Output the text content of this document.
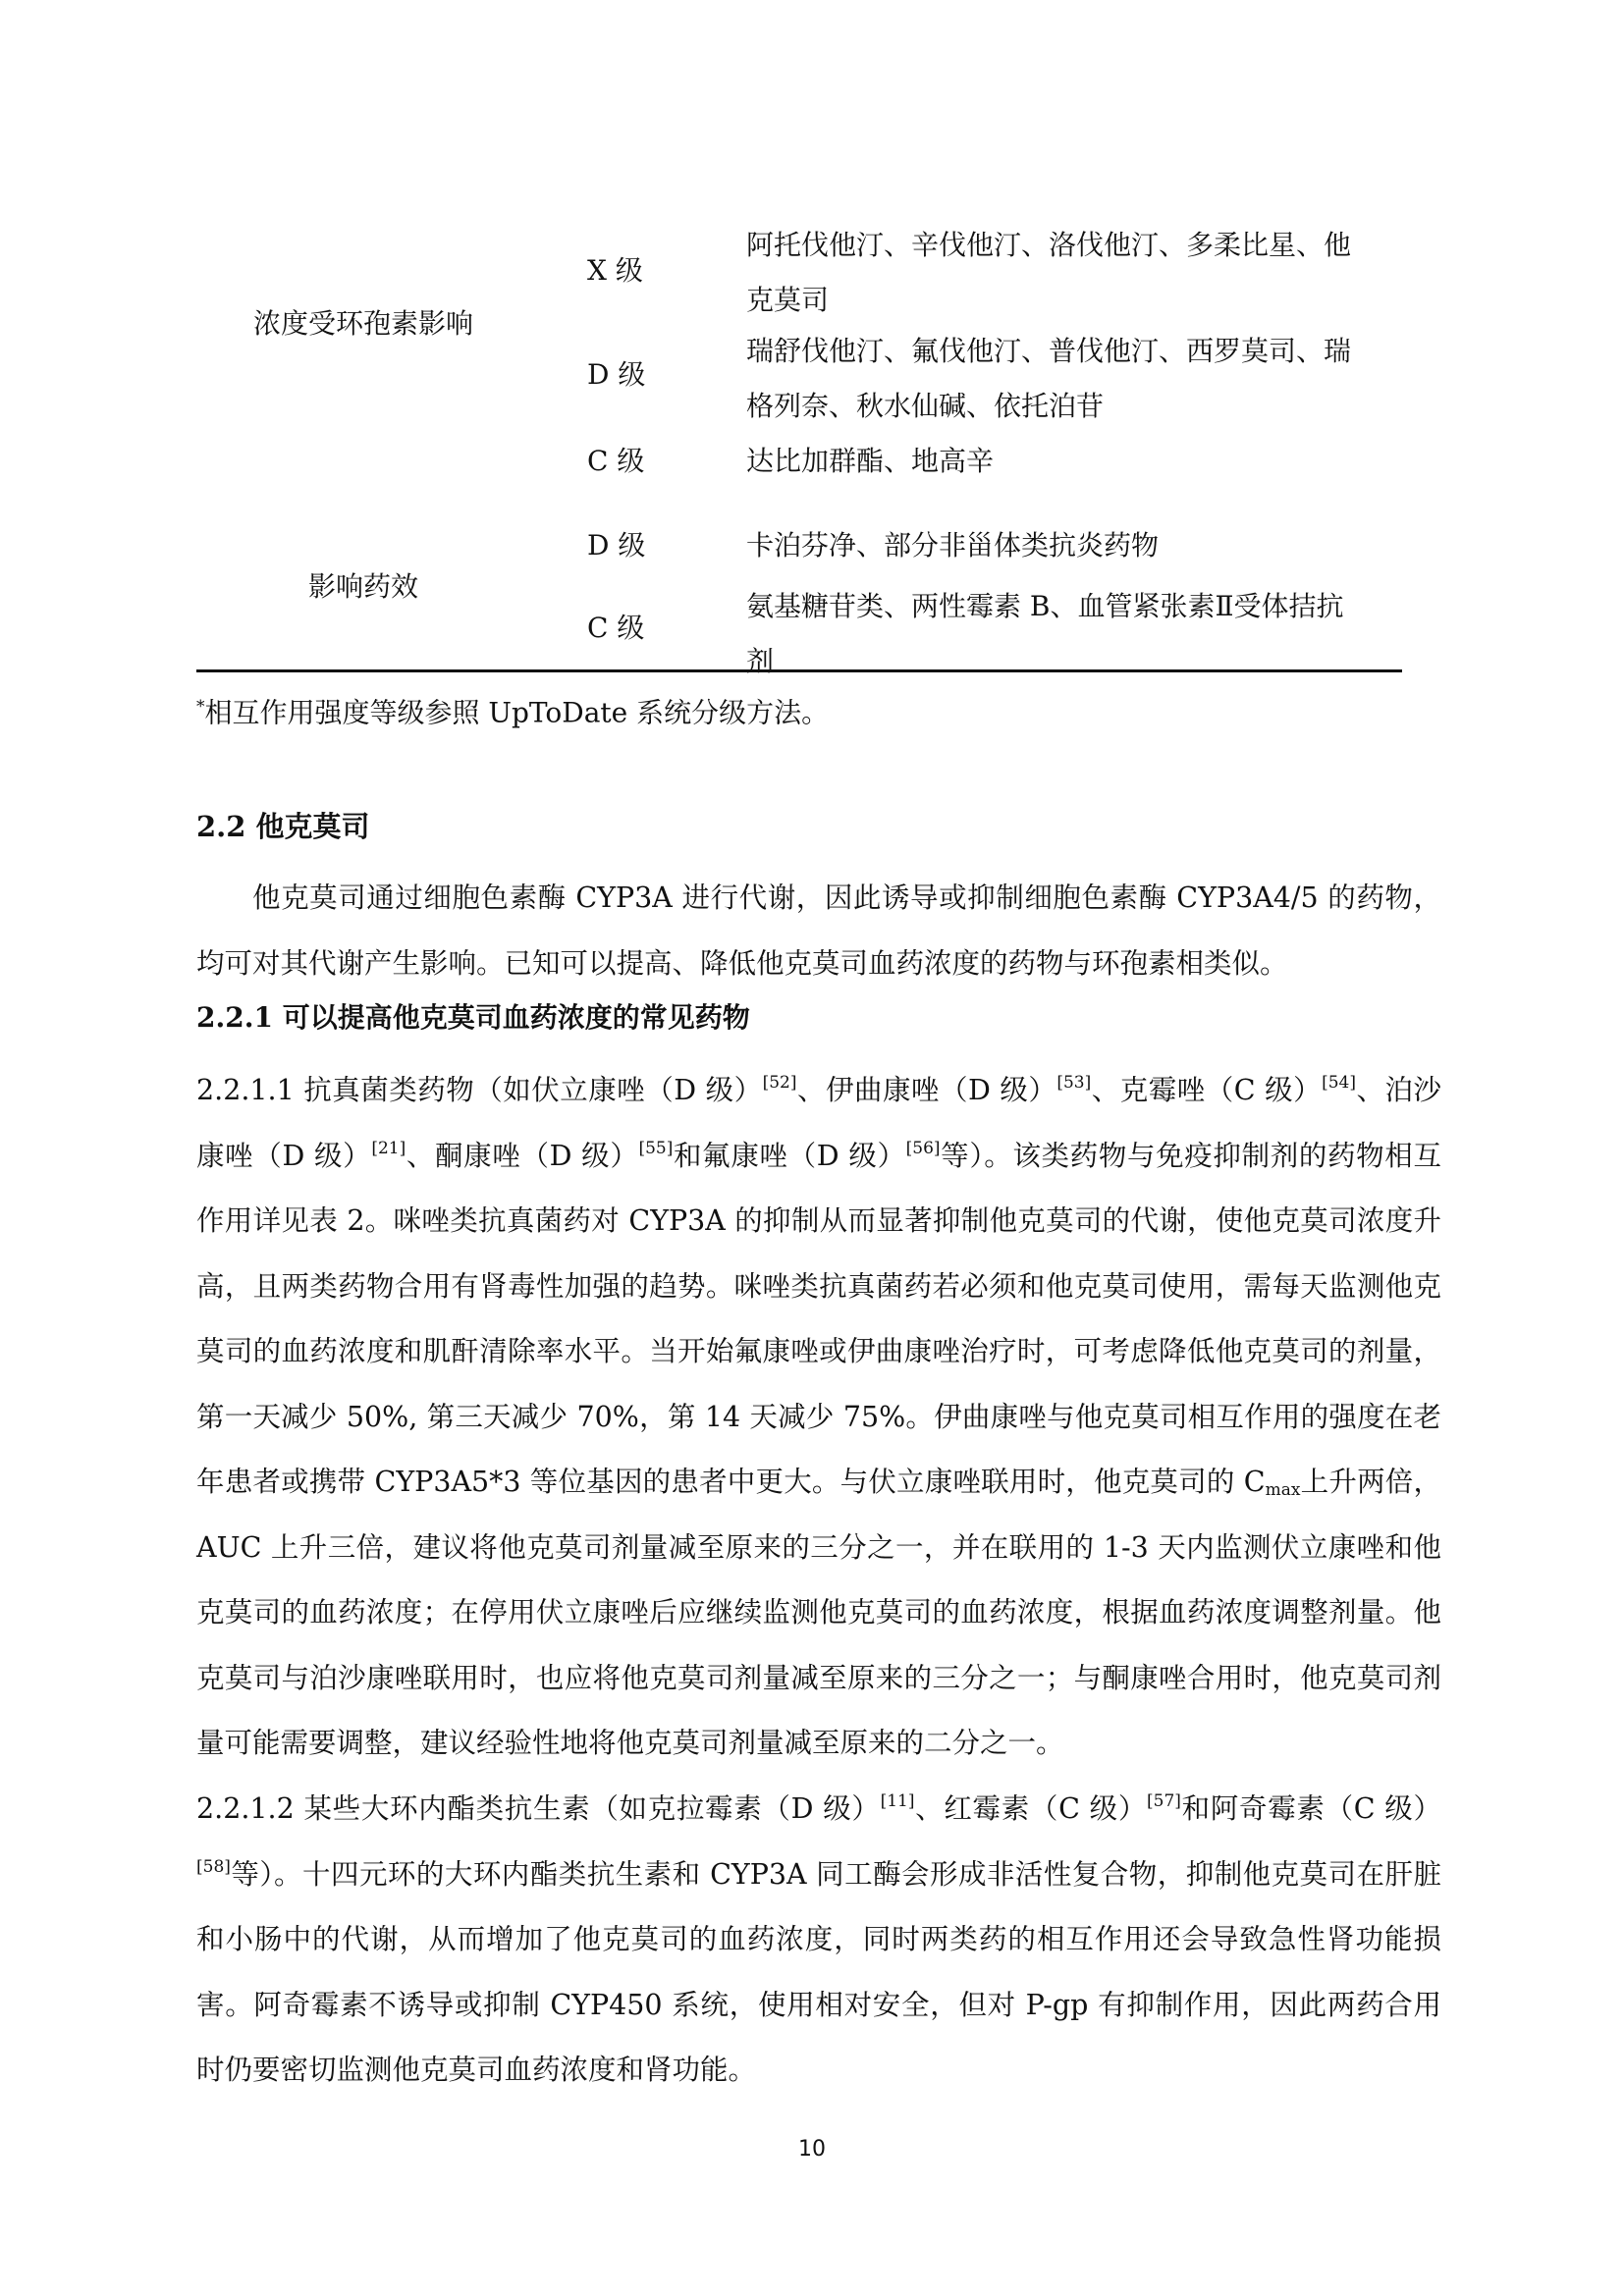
浓度受环孢素影响
X 级
阿托伐他汀、辛伐他汀、洛伐他汀、多柔比星、他
克莫司
D 级
瑞舒伐他汀、氟伐他汀、普伐他汀、西罗莫司、瑞
格列奈、秋水仙碱、依托泊苷
C 级	达比加群酯、地高辛
影响药效
D 级	卡泊芬净、部分非甾体类抗炎药物
C 级
氨基糖苷类、两性霉素 B、血管紧张素Ⅱ受体拮抗
剂
*相互作用强度等级参照 UpToDate 系统分级方法。
2.2 他克莫司
他克莫司通过细胞色素酶 CYP3A 进行代谢，因此诱导或抑制细胞色素酶 CYP3A4/5 的药物，均可对其代谢产生影响。已知可以提高、降低他克莫司血药浓度的药物与环孢素相类似。
2.2.1 可以提高他克莫司血药浓度的常见药物
2.2.1.1 抗真菌类药物（如伏立康唑（D 级）[52]、伊曲康唑（D 级）[53]、克霉唑（C 级）[54]、泊沙康唑（D 级）[21]、酮康唑（D 级）[55]和氟康唑（D 级）[56]等）。该类药物与免疫抑制剂的药物相互作用详见表 2。咪唑类抗真菌药对 CYP3A 的抑制从而显著抑制他克莫司的代谢，使他克莫司浓度升高，且两类药物合用有肾毒性加强的趋势。咪唑类抗真菌药若必须和他克莫司使用，需每天监测他克莫司的血药浓度和肌酐清除率水平。当开始氟康唑或伊曲康唑治疗时，可考虑降低他克莫司的剂量，第一天减少 50%, 第三天减少 70%，第 14 天减少 75%。伊曲康唑与他克莫司相互作用的强度在老年患者或携带 CYP3A5*3 等位基因的患者中更大。与伏立康唑联用时，他克莫司的 $C_{max}$上升两倍，AUC 上升三倍，建议将他克莫司剂量减至原来的三分之一，并在联用的 1-3 天内监测伏立康唑和他克莫司的血药浓度；在停用伏立康唑后应继续监测他克莫司的血药浓度，根据血药浓度调整剂量。他克莫司与泊沙康唑联用时，也应将他克莫司剂量减至原来的三分之一；与酮康唑合用时，他克莫司剂量可能需要调整，建议经验性地将他克莫司剂量减至原来的二分之一。
2.2.1.2 某些大环内酯类抗生素（如克拉霉素（D 级）[11]、红霉素（C 级）[57]和阿奇霉素（C 级）[58]等）。十四元环的大环内酯类抗生素和 CYP3A 同工酶会形成非活性复合物，抑制他克莫司在肝脏和小肠中的代谢，从而增加了他克莫司的血药浓度，同时两类药的相互作用还会导致急性肾功能损害。阿奇霉素不诱导或抑制 CYP450 系统，使用相对安全，但对 P-gp 有抑制作用，因此两药合用时仍要密切监测他克莫司血药浓度和肾功能。
10
